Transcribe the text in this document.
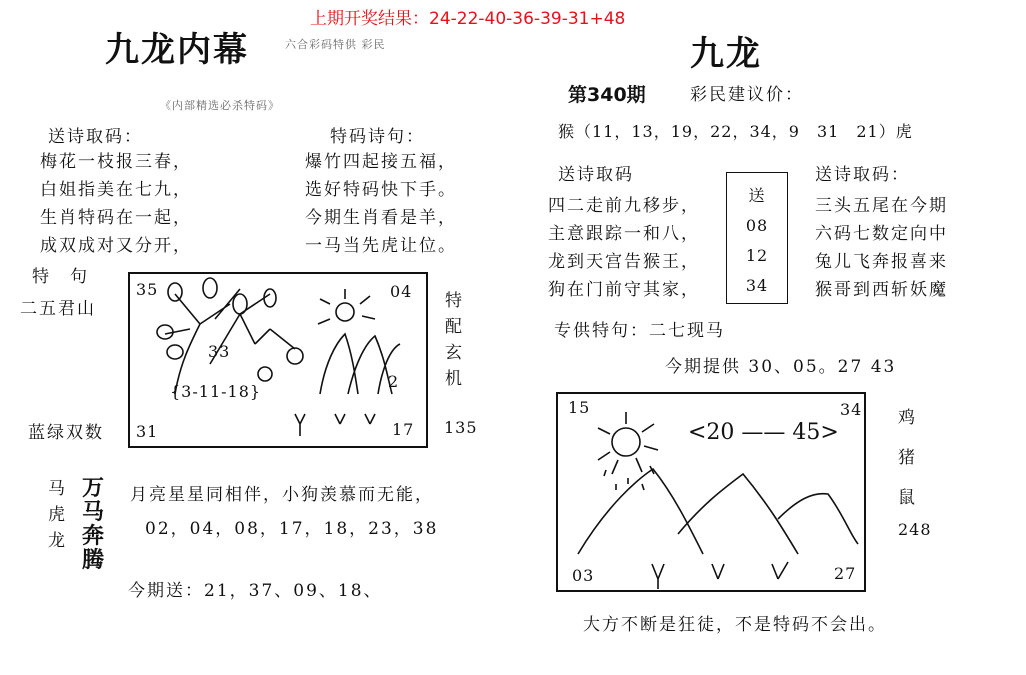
上期开奖结果：24-22-40-36-39-31+48
九龙内幕	六合彩码特供 彩民
《内部精选必杀特码》
送诗取码：	特码诗句：
梅花一枝报三春，
白姐指美在七九，
生肖特码在一起，
成双成对又分开，
爆竹四起接五福，
选好特码快下手。
今期生肖看是羊，
一马当先虎让位。
特　句
二五君山
蓝绿双数
35	04
31	17
{3-11-18}
33
2
特配玄机
135
马
虎
龙
万马奔腾
月亮星星同相伴，小狗羡慕而无能，
02，04，08，17，18，23，38
今期送：21，37、09、18、
九龙
第340期	彩民建议价：
猴（11，13，19，22，34，9　31　21）虎
送诗取码	送诗取码：
四二走前九移步，
主意跟踪一和八，
龙到天宫告猴王，
狗在门前守其家，
送
08
12
34
三头五尾在今期
六码七数定向中
兔儿飞奔报喜来
猴哥到西斩妖魔
专供特句：二七现马
今期提供 30、05。27 43
15	34
03	27
<20 —— 45>
鸡
猪
鼠
248
大方不断是狂徒，不是特码不会出。
